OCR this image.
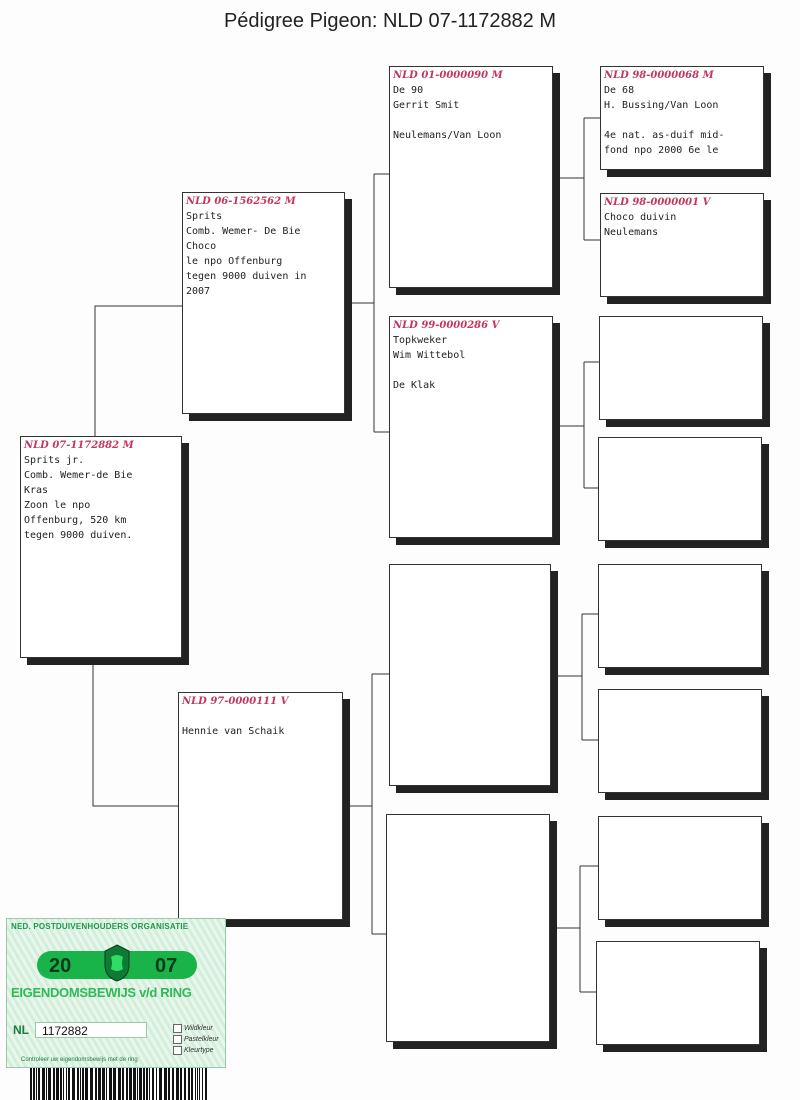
Pédigree Pigeon: NLD 07-1172882 M
NLD 07-1172882 M
Sprits jr.
Comb. Wemer-de Bie
Kras
Zoon le npo
Offenburg, 520 km
tegen 9000 duiven.
NLD 06-1562562 M
Sprits
Comb. Wemer- De Bie
Choco
le npo Offenburg
tegen 9000 duiven in
2007
NLD 97-0000111 V
Hennie van Schaik
NLD 01-0000090 M
De 90
Gerrit Smit
Neulemans/Van Loon
NLD 99-0000286 V
Topkweker
Wim Wittebol
De Klak
NLD 98-0000068 M
De 68
H. Bussing/Van Loon
4e nat. as-duif mid-
fond npo 2000 6e le
NLD 98-0000001 V
Choco duivin
Neulemans
NED. POSTDUIVENHOUDERS ORGANISATIE
20	07
EIGENDOMSBEWIJS v/d RING
NL	1172882	Wildkleur
Pastelkleur
Kleurtype
Controleer uw eigendomsbewijs met de ring
